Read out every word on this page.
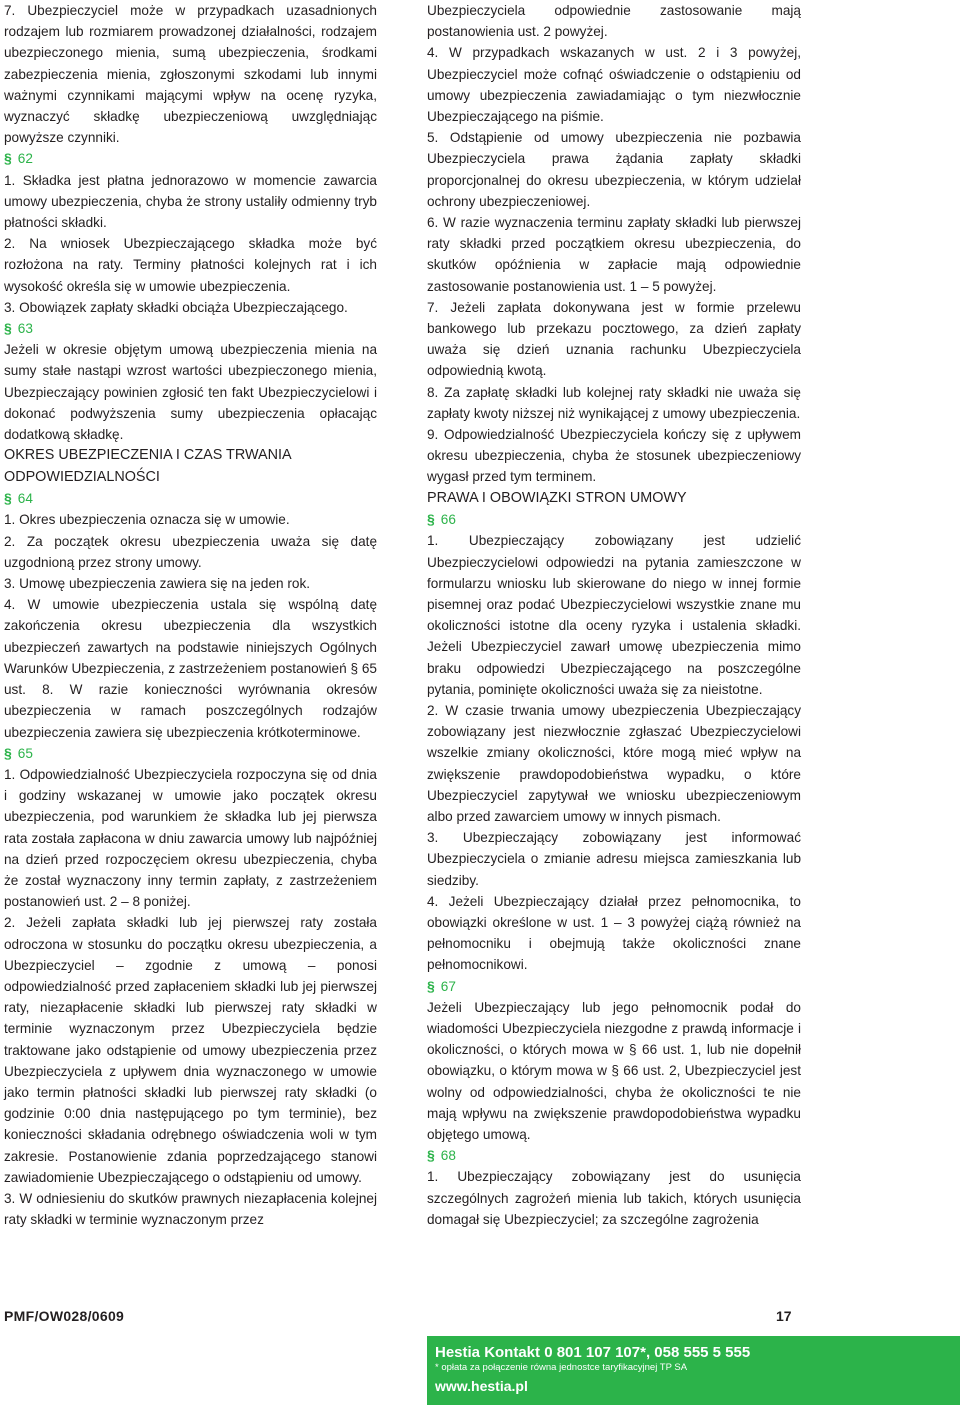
7. Ubezpieczyciel może w przypadkach uzasadnionych rodzajem lub rozmiarem prowadzonej działalności, rodzajem ubezpieczonego mienia, sumą ubezpieczenia, środkami zabezpieczenia mienia, zgłoszonymi szkodami lub innymi ważnymi czynnikami mającymi wpływ na ocenę ryzyka, wyznaczyć składkę ubezpieczeniową uwzględniając powyższe czynniki.

§ 62

1. Składka jest płatna jednorazowo w momencie zawarcia umowy ubezpieczenia, chyba że strony ustaliły odmienny tryb płatności składki.

2. Na wniosek Ubezpieczającego składka może być rozłożona na raty. Terminy płatności kolejnych rat i ich wysokość określa się w umowie ubezpieczenia.

3. Obowiązek zapłaty składki obciąża Ubezpieczającego.

§ 63

Jeżeli w okresie objętym umową ubezpieczenia mienia na sumy stałe nastąpi wzrost wartości ubezpieczonego mienia, Ubezpieczający powinien zgłosić ten fakt Ubezpieczycielowi i dokonać podwyższenia sumy ubezpieczenia opłacając dodatkową składkę.

OKRES UBEZPIECZENIA I CZAS TRWANIA ODPOWIEDZIALNOŚCI

§ 64

1. Okres ubezpieczenia oznacza się w umowie.

2. Za początek okresu ubezpieczenia uważa się datę uzgodnioną przez strony umowy.

3. Umowę ubezpieczenia zawiera się na jeden rok.

4. W umowie ubezpieczenia ustala się wspólną datę zakończenia okresu ubezpieczenia dla wszystkich ubezpieczeń zawartych na podstawie niniejszych Ogólnych Warunków Ubezpieczenia, z zastrzeżeniem postanowień § 65 ust. 8. W razie konieczności wyrównania okresów ubezpieczenia w ramach poszczególnych rodzajów ubezpieczenia zawiera się ubezpieczenia krótkoterminowe.

§ 65

1. Odpowiedzialność Ubezpieczyciela rozpoczyna się od dnia i godziny wskazanej w umowie jako początek okresu ubezpieczenia, pod warunkiem że składka lub jej pierwsza rata została zapłacona w dniu zawarcia umowy lub najpóźniej na dzień przed rozpoczęciem okresu ubezpieczenia, chyba że został wyznaczony inny termin zapłaty, z zastrzeżeniem postanowień ust. 2 – 8 poniżej.

2. Jeżeli zapłata składki lub jej pierwszej raty została odroczona w stosunku do początku okresu ubezpieczenia, a Ubezpieczyciel – zgodnie z umową – ponosi odpowiedzialność przed zapłaceniem składki lub jej pierwszej raty, niezapłacenie składki lub pierwszej raty składki w terminie wyznaczonym przez Ubezpieczyciela będzie traktowane jako odstąpienie od umowy ubezpieczenia przez Ubezpieczyciela z upływem dnia wyznaczonego w umowie jako termin płatności składki lub pierwszej raty składki (o godzinie 0:00 dnia następującego po tym terminie), bez konieczności składania odrębnego oświadczenia woli w tym zakresie. Postanowienie zdania poprzedzającego stanowi zawiadomienie Ubezpieczającego o odstąpieniu od umowy.

3. W odniesieniu do skutków prawnych niezapłacenia kolejnej raty składki w terminie wyznaczonym przez

Ubezpieczyciela odpowiednie zastosowanie mają postanowienia ust. 2 powyżej.

4. W przypadkach wskazanych w ust. 2 i 3 powyżej, Ubezpieczyciel może cofnąć oświadczenie o odstąpieniu od umowy ubezpieczenia zawiadamiając o tym niezwłocznie Ubezpieczającego na piśmie.

5. Odstąpienie od umowy ubezpieczenia nie pozbawia Ubezpieczyciela prawa żądania zapłaty składki proporcjonalnej do okresu ubezpieczenia, w którym udzielał ochrony ubezpieczeniowej.

6. W razie wyznaczenia terminu zapłaty składki lub pierwszej raty składki przed początkiem okresu ubezpieczenia, do skutków opóźnienia w zapłacie mają odpowiednie zastosowanie postanowienia ust. 1 – 5 powyżej.

7. Jeżeli zapłata dokonywana jest w formie przelewu bankowego lub przekazu pocztowego, za dzień zapłaty uważa się dzień uznania rachunku Ubezpieczyciela odpowiednią kwotą.

8. Za zapłatę składki lub kolejnej raty składki nie uważa się zapłaty kwoty niższej niż wynikającej z umowy ubezpieczenia.

9. Odpowiedzialność Ubezpieczyciela kończy się z upływem okresu ubezpieczenia, chyba że stosunek ubezpieczeniowy wygasł przed tym terminem.

PRAWA I OBOWIĄZKI STRON UMOWY

§ 66

1. Ubezpieczający zobowiązany jest udzielić Ubezpieczycielowi odpowiedzi na pytania zamieszczone w formularzu wniosku lub skierowane do niego w innej formie pisemnej oraz podać Ubezpieczycielowi wszystkie znane mu okoliczności istotne dla oceny ryzyka i ustalenia składki. Jeżeli Ubezpieczyciel zawarł umowę ubezpieczenia mimo braku odpowiedzi Ubezpieczającego na poszczególne pytania, pominięte okoliczności uważa się za nieistotne.

2. W czasie trwania umowy ubezpieczenia Ubezpieczający zobowiązany jest niezwłocznie zgłaszać Ubezpieczycielowi wszelkie zmiany okoliczności, które mogą mieć wpływ na zwiększenie prawdopodobieństwa wypadku, o które Ubezpieczyciel zapytywał we wniosku ubezpieczeniowym albo przed zawarciem umowy w innych pismach.

3. Ubezpieczający zobowiązany jest informować Ubezpieczyciela o zmianie adresu miejsca zamieszkania lub siedziby.

4. Jeżeli Ubezpieczający działał przez pełnomocnika, to obowiązki określone w ust. 1 – 3 powyżej ciążą również na pełnomocniku i obejmują także okoliczności znane pełnomocnikowi.

§ 67

Jeżeli Ubezpieczający lub jego pełnomocnik podał do wiadomości Ubezpieczyciela niezgodne z prawdą informacje i okoliczności, o których mowa w § 66 ust. 1, lub nie dopełnił obowiązku, o którym mowa w § 66 ust. 2, Ubezpieczyciel jest wolny od odpowiedzialności, chyba że okoliczności te nie mają wpływu na zwiększenie prawdopodobieństwa wypadku objętego umową.

§ 68

1. Ubezpieczający zobowiązany jest do usunięcia szczególnych zagrożeń mienia lub takich, których usunięcia domagał się Ubezpieczyciel; za szczególne zagrożenia

PMF/OW028/0609	17
Hestia Kontakt 0 801 107 107*, 058 555 5 555
* opłata za połączenie równa jednostce taryfikacyjnej TP SA
www.hestia.pl
